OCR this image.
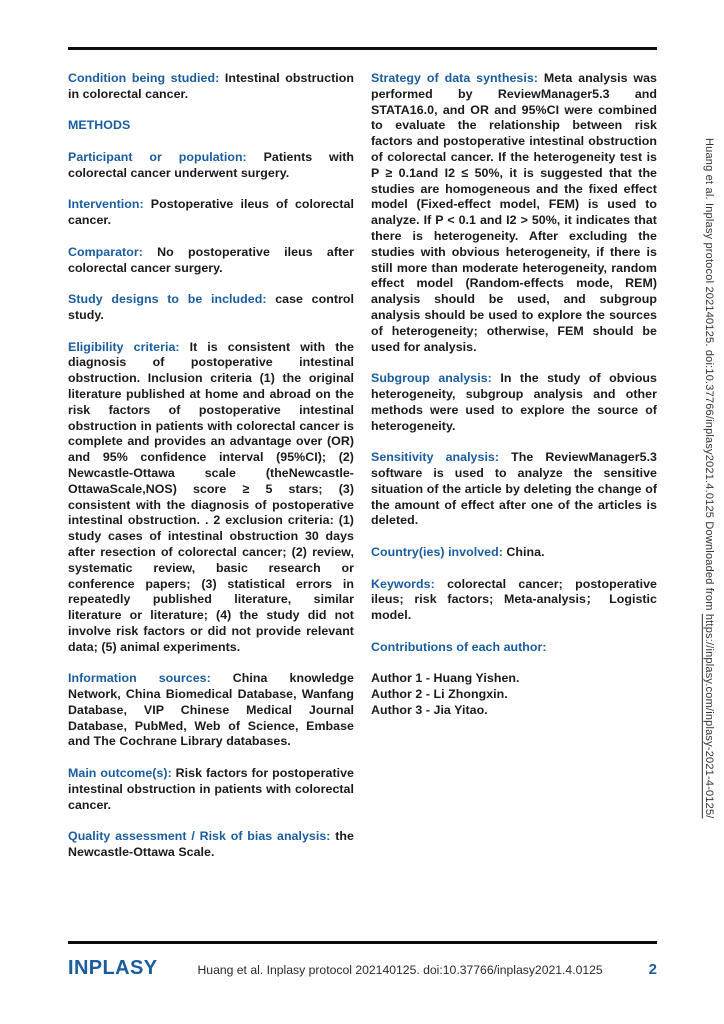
Condition being studied: Intestinal obstruction in colorectal cancer.

METHODS

Participant or population: Patients with colorectal cancer underwent surgery.

Intervention: Postoperative ileus of colorectal cancer.

Comparator: No postoperative ileus after colorectal cancer surgery.

Study designs to be included: case control study.

Eligibility criteria: It is consistent with the diagnosis of postoperative intestinal obstruction. Inclusion criteria (1) the original literature published at home and abroad on the risk factors of postoperative intestinal obstruction in patients with colorectal cancer is complete and provides an advantage over (OR) and 95% confidence interval (95%CI); (2) Newcastle-Ottawa scale (theNewcastle-OttawaScale,NOS) score ≥ 5 stars; (3) consistent with the diagnosis of postoperative intestinal obstruction. . 2 exclusion criteria: (1) study cases of intestinal obstruction 30 days after resection of colorectal cancer; (2) review, systematic review, basic research or conference papers; (3) statistical errors in repeatedly published literature, similar literature or literature; (4) the study did not involve risk factors or did not provide relevant data; (5) animal experiments.

Information sources: China knowledge Network, China Biomedical Database, Wanfang Database, VIP Chinese Medical Journal Database, PubMed, Web of Science, Embase and The Cochrane Library databases.

Main outcome(s): Risk factors for postoperative intestinal obstruction in patients with colorectal cancer.

Quality assessment / Risk of bias analysis: the Newcastle-Ottawa Scale.

Strategy of data synthesis: Meta analysis was performed by ReviewManager5.3 and STATA16.0, and OR and 95%CI were combined to evaluate the relationship between risk factors and postoperative intestinal obstruction of colorectal cancer. If the heterogeneity test is P ≥ 0.1and I2 ≤ 50%, it is suggested that the studies are homogeneous and the fixed effect model (Fixed-effect model, FEM) is used to analyze. If P < 0.1 and I2 > 50%, it indicates that there is heterogeneity. After excluding the studies with obvious heterogeneity, if there is still more than moderate heterogeneity, random effect model (Random-effects mode, REM) analysis should be used, and subgroup analysis should be used to explore the sources of heterogeneity; otherwise, FEM should be used for analysis.

Subgroup analysis: In the study of obvious heterogeneity, subgroup analysis and other methods were used to explore the source of heterogeneity.

Sensitivity analysis: The ReviewManager5.3 software is used to analyze the sensitive situation of the article by deleting the change of the amount of effect after one of the articles is deleted.

Country(ies) involved: China.

Keywords: colorectal cancer; postoperative ileus; risk factors; Meta-analysis； Logistic model.

Contributions of each author:

Author 1 - Huang Yishen.
Author 2 - Li Zhongxin.
Author 3 - Jia Yitao.

INPLASY	Huang et al. Inplasy protocol 202140125. doi:10.37766/inplasy2021.4.0125	2
Huang et al. Inplasy protocol 202140125. doi:10.37766/inplasy2021.4.0125 Downloaded from https://inplasy.com/inplasy-2021-4-0125/
